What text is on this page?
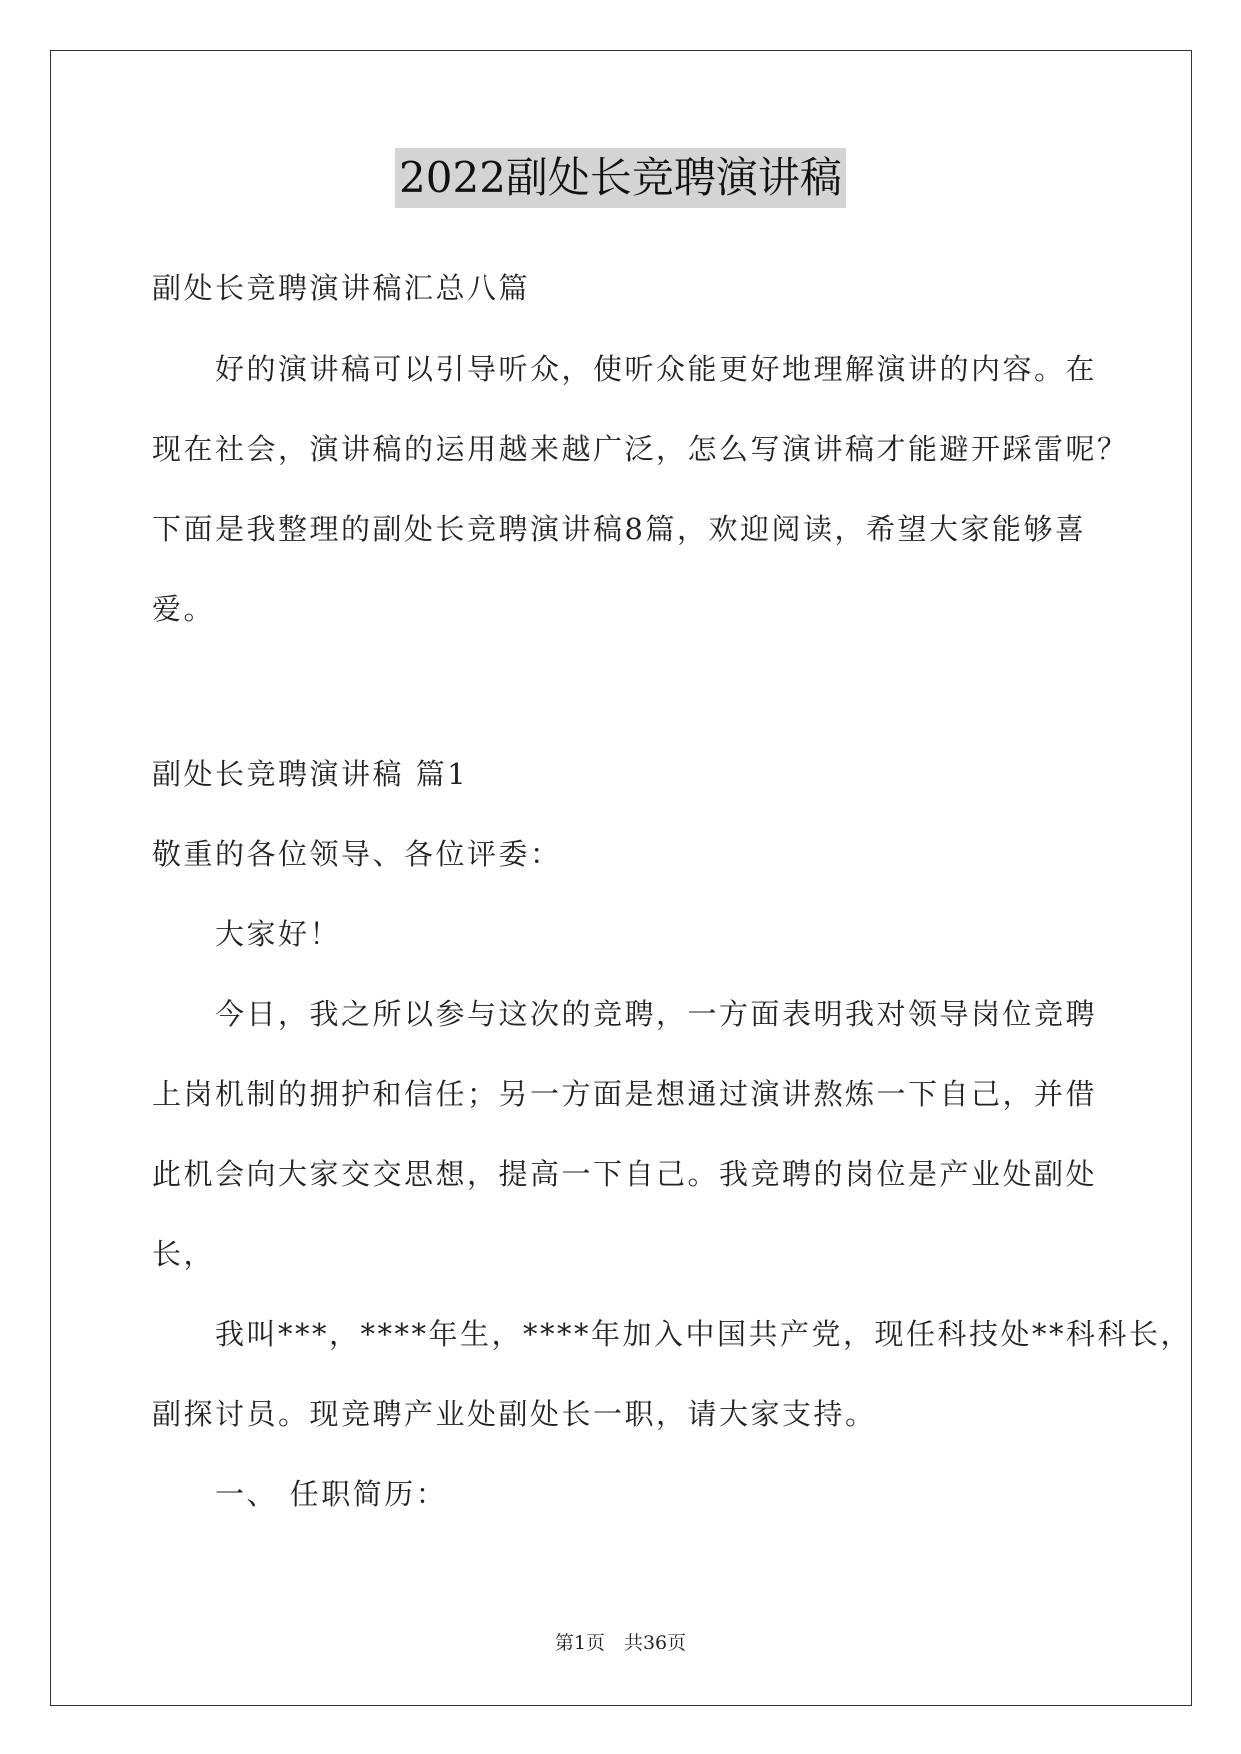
2022副处长竞聘演讲稿
副处长竞聘演讲稿汇总八篇
好的演讲稿可以引导听众，使听众能更好地理解演讲的内容。在
现在社会，演讲稿的运用越来越广泛，怎么写演讲稿才能避开踩雷呢？
下面是我整理的副处长竞聘演讲稿8篇，欢迎阅读，希望大家能够喜
爱。
副处长竞聘演讲稿 篇1
敬重的各位领导、各位评委：
大家好！
今日，我之所以参与这次的竞聘，一方面表明我对领导岗位竞聘
上岗机制的拥护和信任；另一方面是想通过演讲熬炼一下自己，并借
此机会向大家交交思想，提高一下自己。我竞聘的岗位是产业处副处
长，
我叫***，****年生，****年加入中国共产党，现任科技处**科科长，
副探讨员。现竞聘产业处副处长一职，请大家支持。
一、 任职简历：
第1页　共36页
